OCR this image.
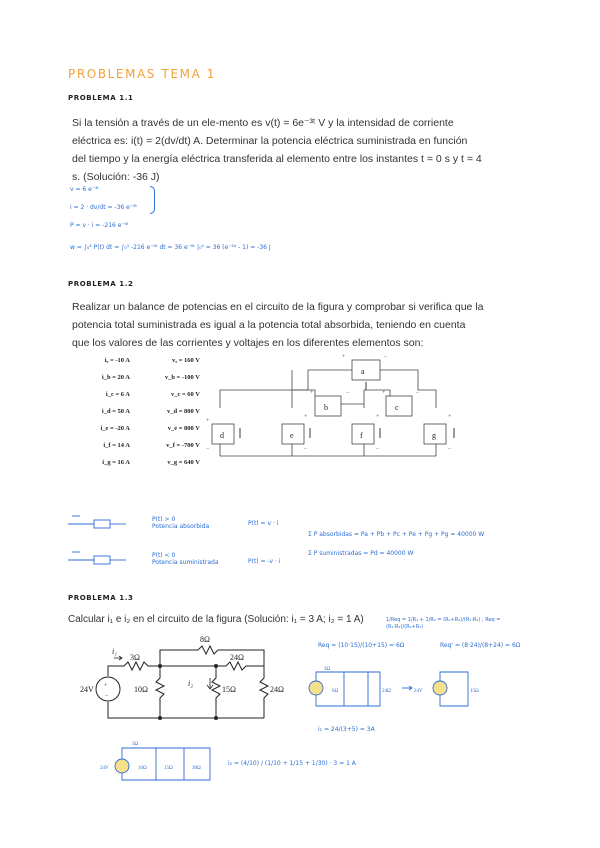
PROBLEMAS TEMA 1
PROBLEMA 1.1
Si la tensión a través de un ele-mento es v(t) = 6e⁻³ᵗ V y la intensidad de corriente
eléctrica es: i(t) = 2(dv/dt) A. Determinar la potencia eléctrica suministrada en función
del tiempo y la energía eléctrica transferida al elemento entre los instantes t = 0 s y t = 4
s. (Solución: -36 J)
v = 6 e⁻³ᵗ
i = 2 · dv/dt = -36 e⁻³ᵗ
P = v · i = -216 e⁻⁶ᵗ
w = ∫₀⁴ P(t) dt = ∫₀⁴ -216 e⁻⁶ᵗ dt = 36 e⁻⁶ᵗ |₀⁴ = 36 (e⁻²⁴ - 1) = -36 J
PROBLEMA 1.2
Realizar un balance de potencias en el circuito de la figura y comprobar si verifica que la
potencia total suministrada es igual a la potencia total absorbida, teniendo en cuenta
que los valores de las corrientes y voltajes en los diferentes elementos son:
iₐ = -10 A	vₐ = 160 V
i_b = 20 A	v_b = -100 V
i_c = 6 A	v_c = 60 V
i_d = 50 A	v_d = 800 V
i_e = -20 A	v_e = 800 V
i_f = 14 A	v_f = -700 V
i_g = 16 A	v_g = 640 V
a
b	c
d	e	f	g
+	−
+	−	+	−
+
−
+
−
+
−
+
−
P(t) > 0
Potencia absorbida	P(t) = v · i
P(t) < 0
Potencia suministrada	P(t) = -v · i
Σ P absorbidas = Pa + Pb + Pc + Pe + Pg + Pg = 40000 W
Σ P suministradas = Pd = 40000 W
PROBLEMA 1.3
Calcular i₁ e i₂ en el circuito de la figura (Solución: i₁ = 3 A; i₂ = 1 A)	1/Req = 1/R₁ + 1/R₂ = (R₁+R₂)/(R₁·R₂) ; Req = (R₁·R₂)/(R₁+R₂)
24V
3Ω
8Ω
10Ω	15Ω
24Ω
24Ω
i₁
i₂
+
−
Req = (10·15)/(10+15) = 6Ω	Req' = (8·24)/(8+24) = 6Ω
3Ω
6Ω	24Ω	24V	15Ω
i₁ = 24/(3+5) = 3A
3Ω
24V	10Ω	15Ω	30Ω
i₂ = (4/10) / (1/10 + 1/15 + 1/30) · 3 = 1 A
